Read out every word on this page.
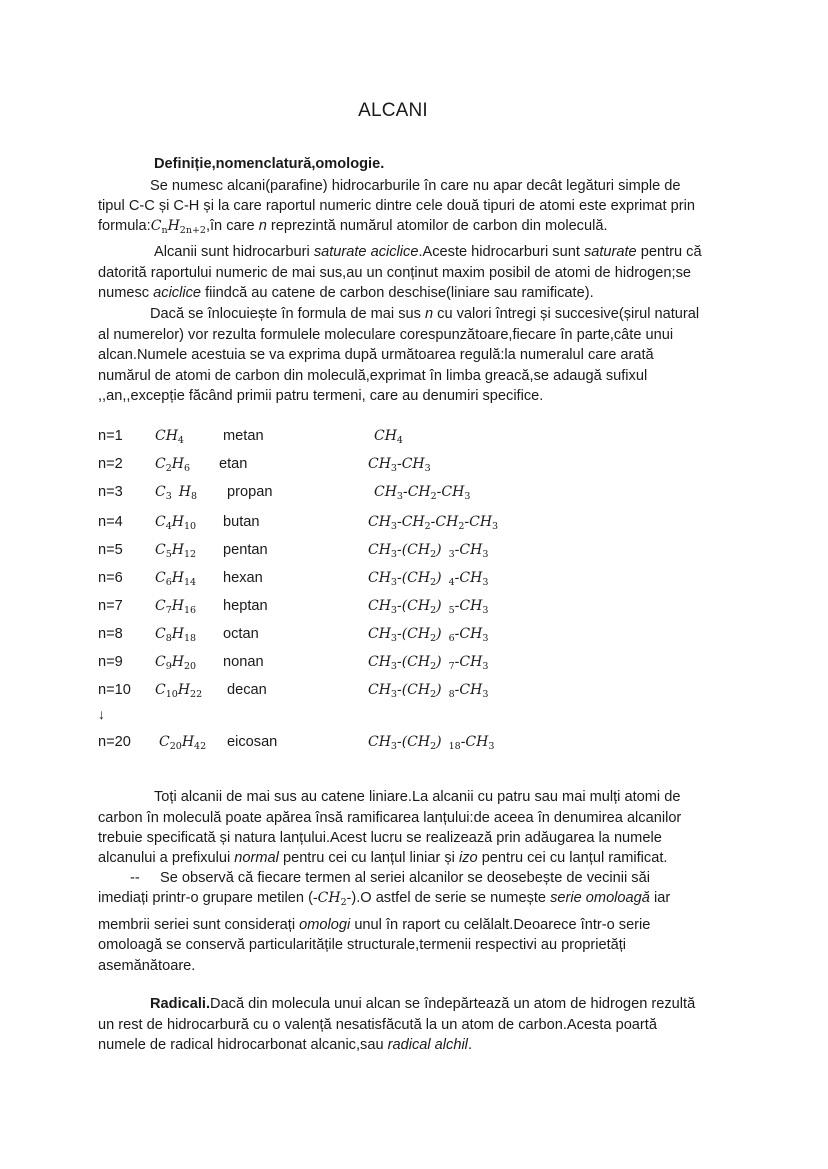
ALCANI
Definiție,nomenclatură,omologie.
Se numesc alcani(parafine) hidrocarburile în care nu apar decât legături simple de
tipul C-C și C-H și la care raportul numeric dintre cele două tipuri de atomi este exprimat prin
$formula:C_nH_{2n+2},în$ care n reprezintă numărul atomilor de carbon din moleculă.
Alcanii sunt hidrocarburi saturate aciclice.Aceste hidrocarburi sunt saturate pentru că
datorită raportului numeric de mai sus,au un conținut maxim posibil de atomi de hidrogen;se
numesc aciclice fiindcă au catene de carbon deschise(liniare sau ramificate).
Dacă se înlocuiește în formula de mai sus n cu valori întregi și succesive(șirul natural
al numerelor) vor rezulta formulele moleculare corespunzătoare,fiecare în parte,câte unui
alcan.Numele acestuia se va exprima după următoarea regulă:la numeralul care arată
numărul de atomi de carbon din moleculă,exprimat în limba greacă,se adaugă sufixul
,,an,,excepție făcând primii patru termeni, care au denumiri specifice.
n=1 $CH_4$	metan	$CH_4$
n=2 $C_2H_6$ etan	$CH_3-CH_3$
n=3 $C_3$ $H_8$ propan	$CH_3-CH_2-CH_3$
n=4 $C_4H_{10}$ butan	$CH_3-CH_2-CH_2-CH_3$
n=5 $C_5H_{12}$ pentan	$CH_3-(CH_2)$ $_3-CH_3$
n=6 $C_6H_{14}$ hexan	$CH_3-(CH_2)$ $_4-CH_3$
n=7 $C_7H_{16}$ heptan	$CH_3-(CH_2)$ $_5-CH_3$
n=8 $C_8H_{18}$ octan	$CH_3-(CH_2)$ $_6-CH_3$
n=9 $C_9H_{20}$ nonan	$CH_3-(CH_2)$ $_7-CH_3$
n=10 $C_{10}H_{22}$ decan	$CH_3-(CH_2)$ $_8-CH_3$
n=20 $C_{20}H_{42}$ eicosan	$CH_3-(CH_2)$ $_{18}-CH_3$
↓
Toți alcanii de mai sus au catene liniare.La alcanii cu patru sau mai mulți atomi de
carbon în moleculă poate apărea însă ramificarea lanțului:de aceea în denumirea alcanilor
trebuie specificată și natura lanțului.Acest lucru se realizează prin adăugarea la numele
alcanului a prefixului normal pentru cei cu lanțul liniar și izo pentru cei cu lanțul ramificat.
-- Se observă că fiecare termen al seriei alcanilor se deosebește de vecinii săi
imediați printr-o grupare metilen $(-CH_2-).O$ astfel de serie se numește serie omoloagă iar
membrii seriei sunt considerați omologi unul în raport cu celălalt.Deoarece într-o serie
omoloagă se conservă particularitățile structurale,termenii respectivi au proprietăți
asemănătoare.
Radicali.Dacă din molecula unui alcan se îndepărtează un atom de hidrogen rezultă
un rest de hidrocarbură cu o valență nesatisfăcută la un atom de carbon.Acesta poartă
numele de radical hidrocarbonat alcanic,sau radical alchil.
